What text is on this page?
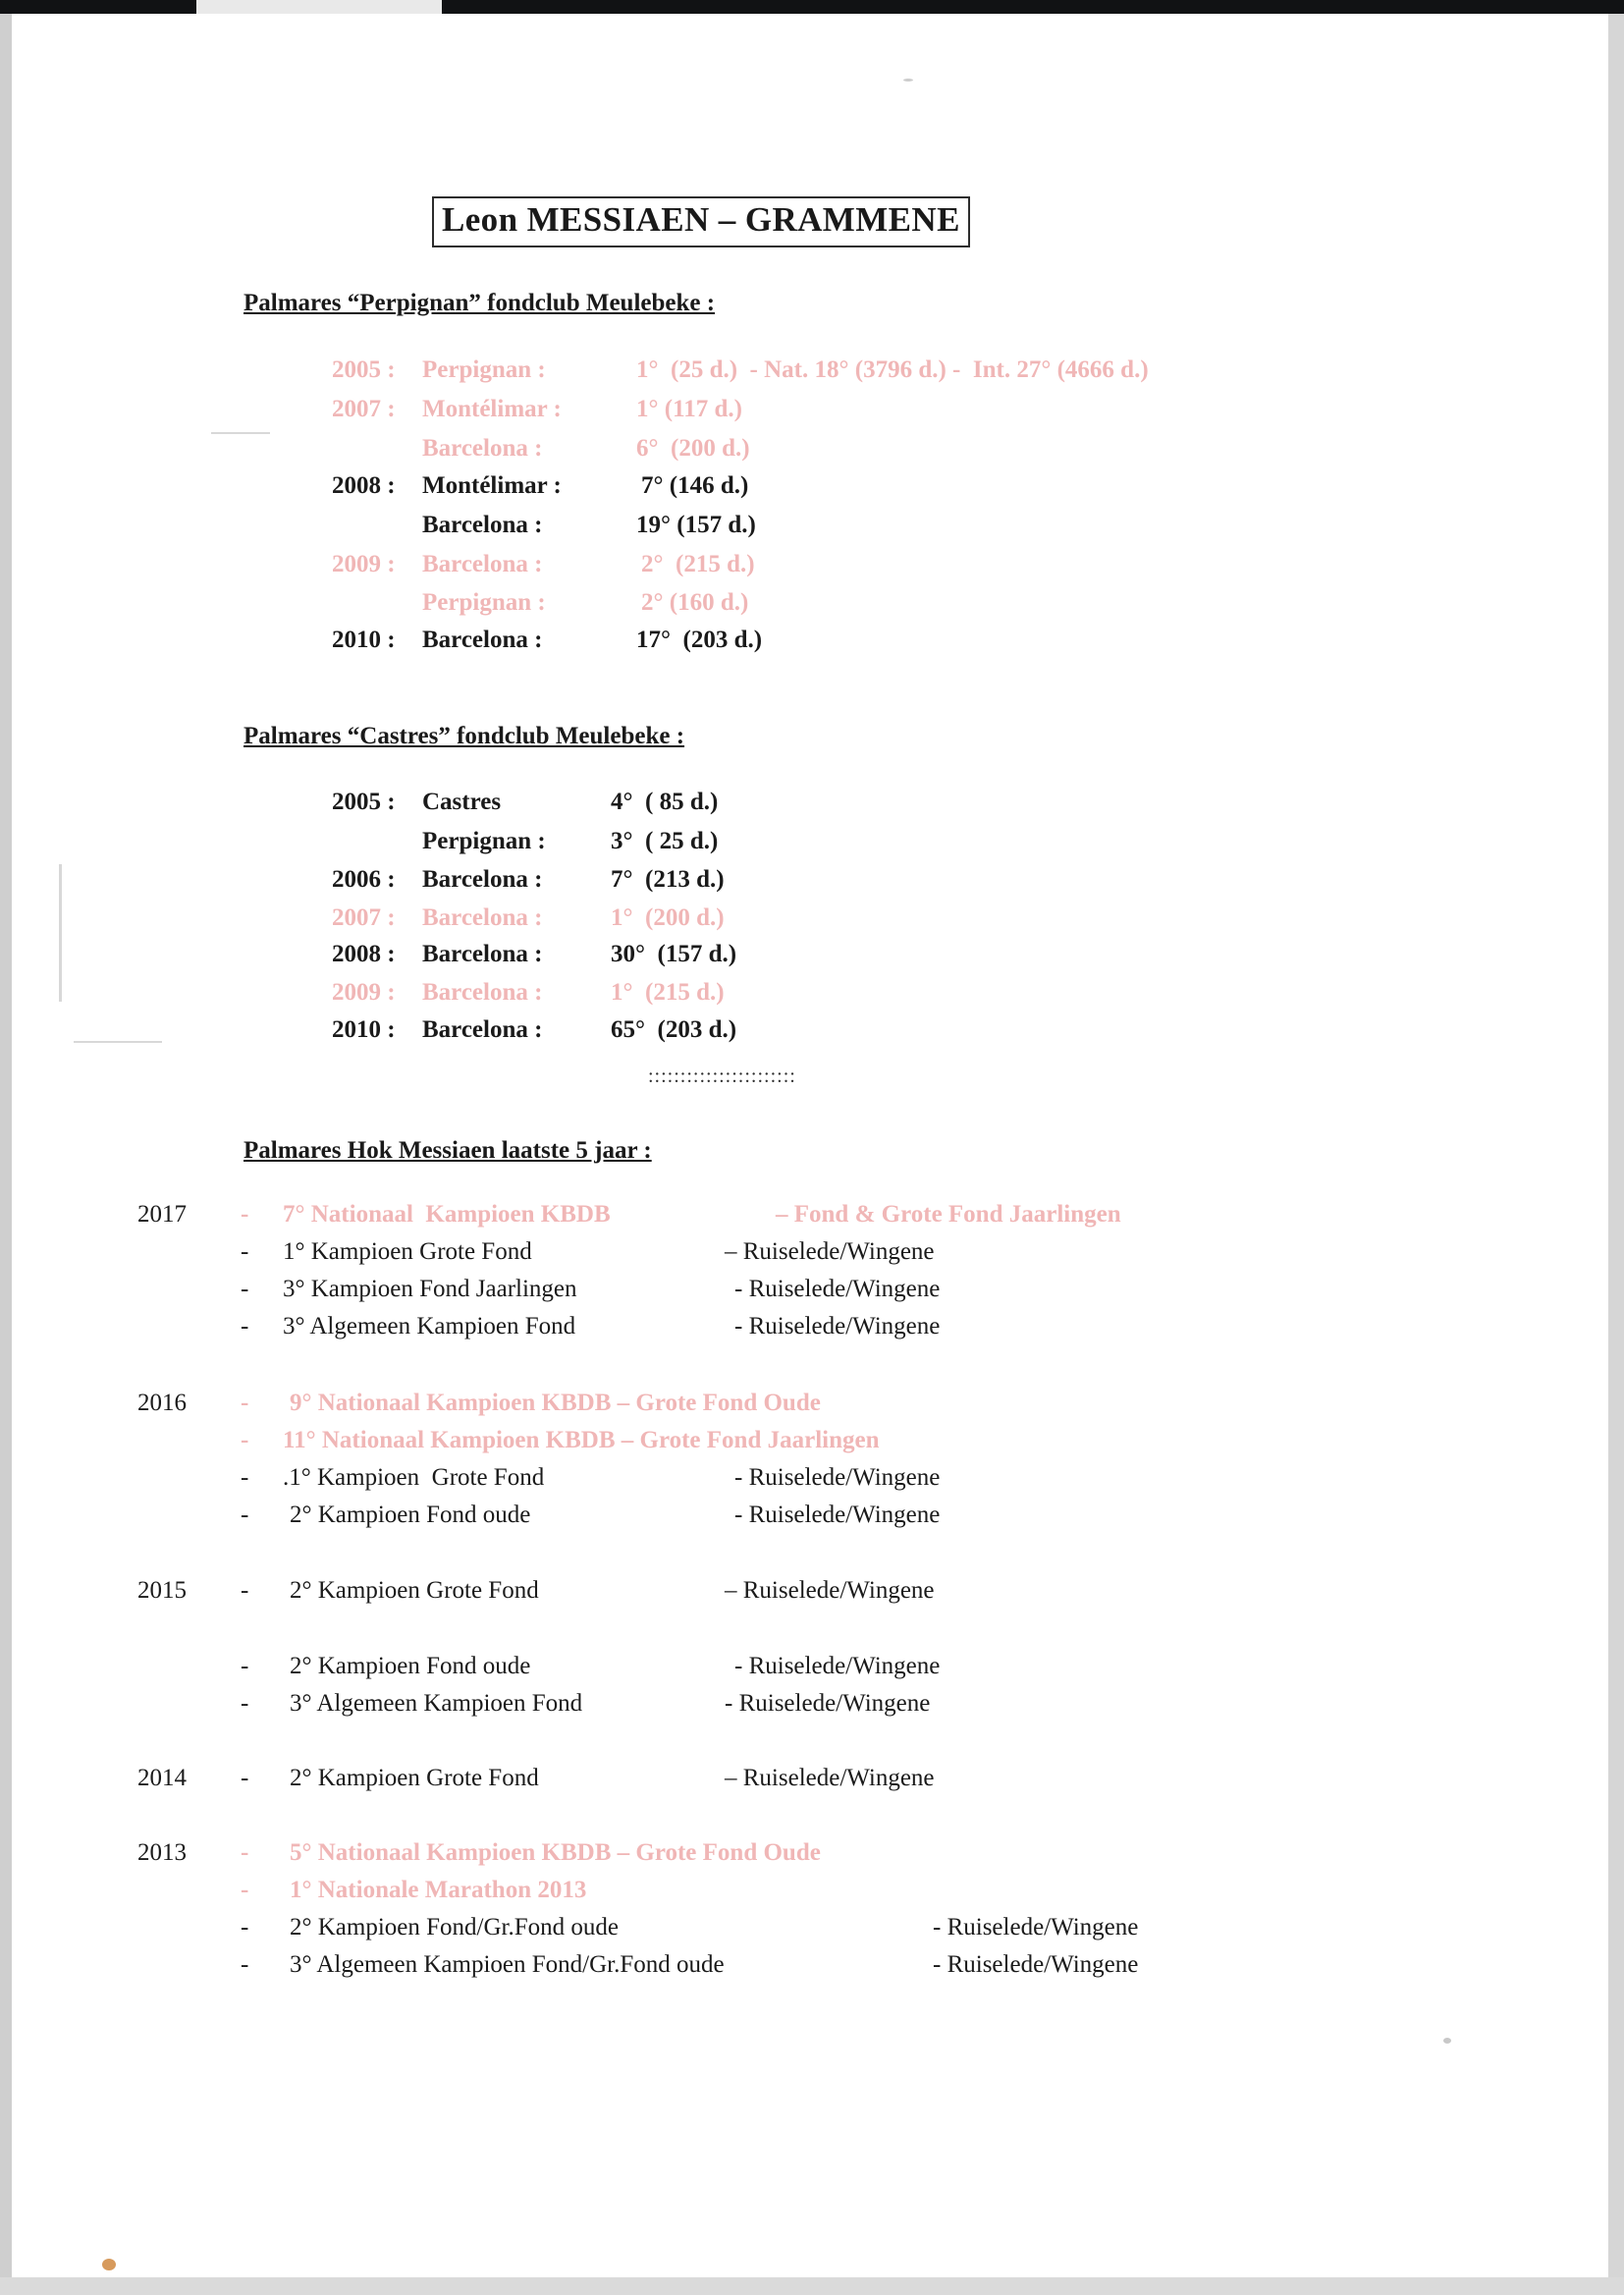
Leon MESSIAEN – GRAMMENE
Palmares “Perpignan” fondclub Meulebeke :
2005 : Perpignan :	1°  (25 d.)  - Nat. 18° (3796 d.) -  Int. 27° (4666 d.)
2007 : Montélimar :	1° (117 d.)
Barcelona :	6°  (200 d.)
2008 : Montélimar :	7° (146 d.)
Barcelona :	19° (157 d.)
2009 : Barcelona :	2°  (215 d.)
Perpignan :	2° (160 d.)
2010 : Barcelona :	17°  (203 d.)
Palmares “Castres” fondclub Meulebeke :
2005 : Castres	4°  ( 85 d.)
Perpignan :	3°  ( 25 d.)
2006 : Barcelona :	7°  (213 d.)
2007 : Barcelona :	1°  (200 d.)
2008 : Barcelona :	30°  (157 d.)
2009 : Barcelona :	1°  (215 d.)
2010 : Barcelona :	65°  (203 d.)
:::::::::::::::::::::::
Palmares Hok Messiaen laatste 5 jaar :
2017 - 7° Nationaal  Kampioen KBDB	– Fond & Grote Fond Jaarlingen
- 1° Kampioen Grote Fond	– Ruiselede/Wingene
- 3° Kampioen Fond Jaarlingen	- Ruiselede/Wingene
- 3° Algemeen Kampioen Fond	- Ruiselede/Wingene
2016 - 9° Nationaal Kampioen KBDB – Grote Fond Oude
- 11° Nationaal Kampioen KBDB – Grote Fond Jaarlingen
- .1° Kampioen  Grote Fond	- Ruiselede/Wingene
- 2° Kampioen Fond oude	- Ruiselede/Wingene
2015 - 2° Kampioen Grote Fond	– Ruiselede/Wingene
- 2° Kampioen Fond oude	- Ruiselede/Wingene
- 3° Algemeen Kampioen Fond	- Ruiselede/Wingene
2014 - 2° Kampioen Grote Fond	– Ruiselede/Wingene
2013 - 5° Nationaal Kampioen KBDB – Grote Fond Oude
- 1° Nationale Marathon 2013
- 2° Kampioen Fond/Gr.Fond oude	- Ruiselede/Wingene
- 3° Algemeen Kampioen Fond/Gr.Fond oude	- Ruiselede/Wingene
